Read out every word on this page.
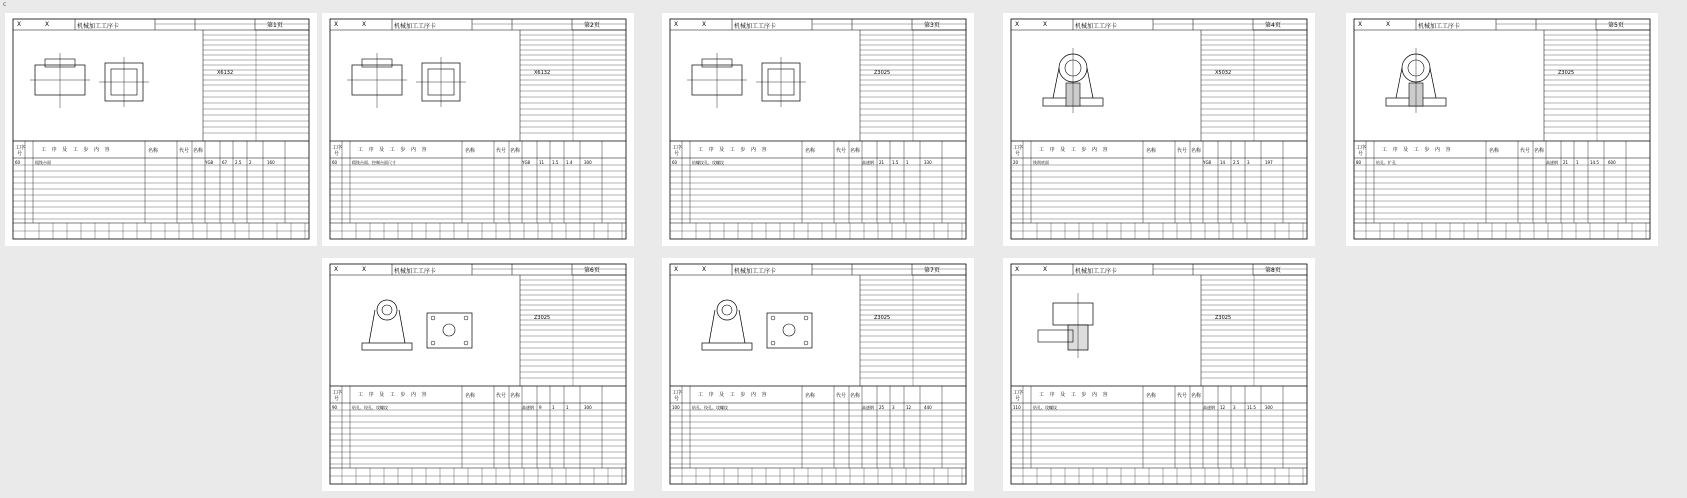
c
X	X	机械加工工序卡	第1页
X6132
工 序 及 工 步 内 容
工序
号	名称	代号 名称
60	粗铣台面	YG8 67 2.5 2	160
X	X	机械加工工序卡	第2页
X6132
工 序 及 工 步 内 容
工序
号	名称	代号 名称
60	精铣台面、控制台面尺寸	YG8 11 1.5 1.4	300
X	X	机械加工工序卡	第3页
Z3025
工 序 及 工 步 内 容
工序
号	名称	代号 名称
60	钻螺纹孔、攻螺纹	高速钢 21 1.5 1	330
X	X	机械加工工序卡	第4页
X5032
工 序 及 工 步 内 容
工序
号	名称	代号 名称
20	铣削底面	YG8 14 2.5 3	197
X	X	机械加工工序卡	第5页
Z3025
工 序 及 工 步 内 容
工序
号	名称	代号 名称
80	钻孔、扩孔	高速钢 21 1	14.5 600
X	X	机械加工工序卡	第6页
Z3025
工 序 及 工 步 内 容
工序
号	名称	代号 名称
90	钻孔、铰孔、攻螺纹	高速钢 9	1	1	300
X	X	机械加工工序卡	第7页
Z3025
工 序 及 工 步 内 容
工序
号	名称	代号 名称
100	钻孔、铰孔、攻螺纹	高速钢 25 3	12	440
X	X	机械加工工序卡	第8页
Z3025
工 序 及 工 步 内 容
工序
号	名称	代号 名称
110	钻孔、攻螺纹	高速钢 12 3	11.5 300
